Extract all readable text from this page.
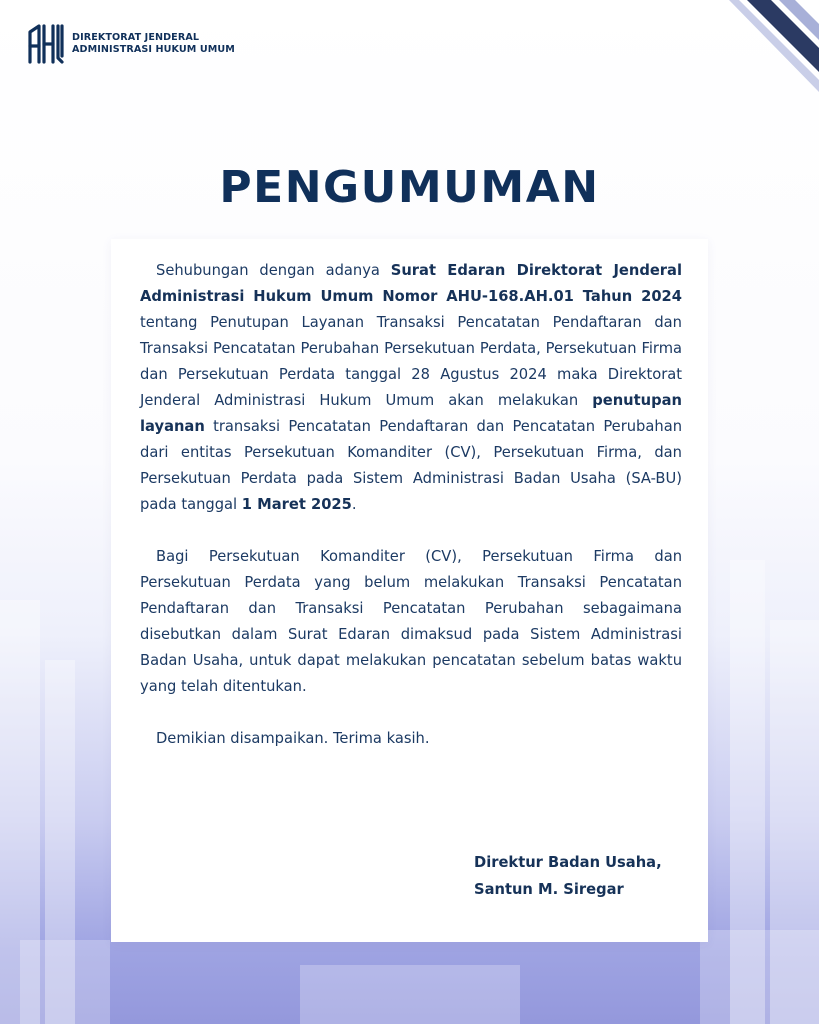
DIREKTORAT JENDERAL
ADMINISTRASI HUKUM UMUM
PENGUMUMAN

Sehubungan dengan adanya Surat Edaran Direktorat Jenderal Administrasi Hukum Umum Nomor AHU-168.AH.01 Tahun 2024 tentang Penutupan Layanan Transaksi Pencatatan Pendaftaran dan Transaksi Pencatatan Perubahan Persekutuan Perdata, Persekutuan Firma dan Persekutuan Perdata tanggal 28 Agustus 2024 maka Direktorat Jenderal Administrasi Hukum Umum akan melakukan penutupan layanan transaksi Pencatatan Pendaftaran dan Pencatatan Perubahan dari entitas Persekutuan Komanditer (CV), Persekutuan Firma, dan Persekutuan Perdata pada Sistem Administrasi Badan Usaha (SA-BU) pada tanggal 1 Maret 2025.

Bagi Persekutuan Komanditer (CV), Persekutuan Firma dan Persekutuan Perdata yang belum melakukan Transaksi Pencatatan Pendaftaran dan Transaksi Pencatatan Perubahan sebagaimana disebutkan dalam Surat Edaran dimaksud pada Sistem Administrasi Badan Usaha, untuk dapat melakukan pencatatan sebelum batas waktu yang telah ditentukan.

Demikian disampaikan. Terima kasih.

Direktur Badan Usaha,
Santun M. Siregar
